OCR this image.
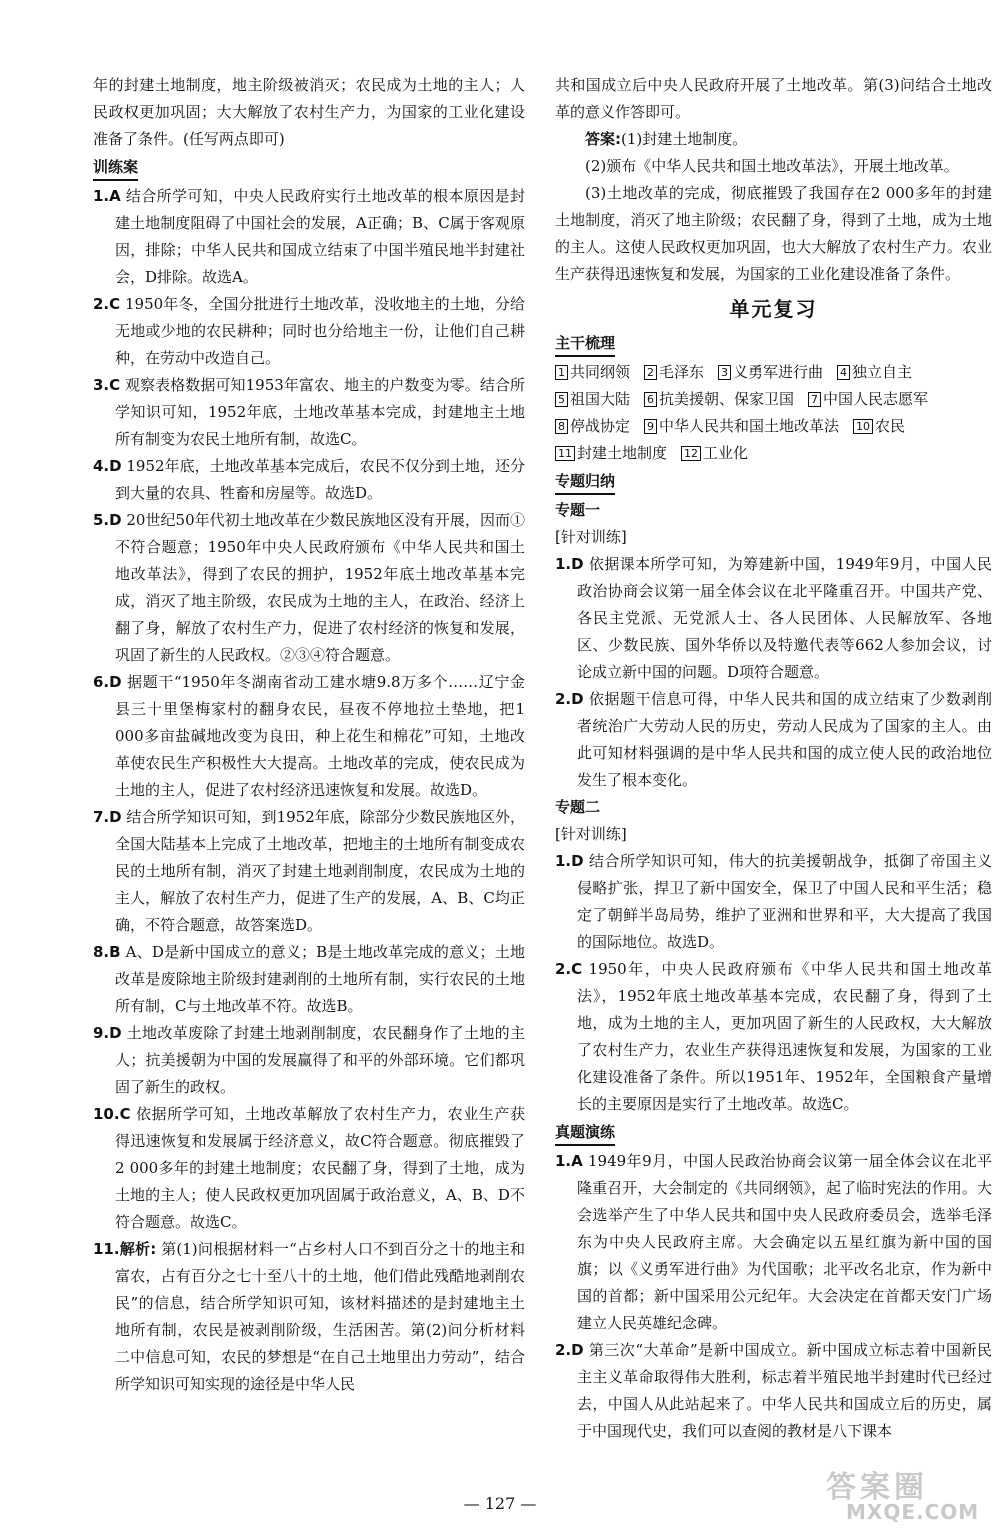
年的封建土地制度，地主阶级被消灭；农民成为土地的主人；人民政权更加巩固；大大解放了农村生产力，为国家的工业化建设准备了条件。(任写两点即可)

训练案

1.A 结合所学可知，中央人民政府实行土地改革的根本原因是封建土地制度阻碍了中国社会的发展，A正确；B、C属于客观原因，排除；中华人民共和国成立结束了中国半殖民地半封建社会，D排除。故选A。

2.C 1950年冬，全国分批进行土地改革，没收地主的土地，分给无地或少地的农民耕种；同时也分给地主一份，让他们自己耕种，在劳动中改造自己。

3.C 观察表格数据可知1953年富农、地主的户数变为零。结合所学知识可知，1952年底，土地改革基本完成，封建地主土地所有制变为农民土地所有制，故选C。

4.D 1952年底，土地改革基本完成后，农民不仅分到土地，还分到大量的农具、牲畜和房屋等。故选D。

5.D 20世纪50年代初土地改革在少数民族地区没有开展，因而①不符合题意；1950年中央人民政府颁布《中华人民共和国土地改革法》，得到了农民的拥护，1952年底土地改革基本完成，消灭了地主阶级，农民成为土地的主人，在政治、经济上翻了身，解放了农村生产力，促进了农村经济的恢复和发展，巩固了新生的人民政权。②③④符合题意。

6.D 据题干“1950年冬湖南省动工建水塘9.8万多个……辽宁金县三十里堡梅家村的翻身农民，昼夜不停地拉土垫地，把1 000多亩盐碱地改变为良田，种上花生和棉花”可知，土地改革使农民生产积极性大大提高。土地改革的完成，使农民成为土地的主人，促进了农村经济迅速恢复和发展。故选D。

7.D 结合所学知识可知，到1952年底，除部分少数民族地区外，全国大陆基本上完成了土地改革，把地主的土地所有制变成农民的土地所有制，消灭了封建土地剥削制度，农民成为土地的主人，解放了农村生产力，促进了生产的发展，A、B、C均正确，不符合题意，故答案选D。

8.B A、D是新中国成立的意义；B是土地改革完成的意义；土地改革是废除地主阶级封建剥削的土地所有制，实行农民的土地所有制，C与土地改革不符。故选B。

9.D 土地改革废除了封建土地剥削制度，农民翻身作了土地的主人；抗美援朝为中国的发展赢得了和平的外部环境。它们都巩固了新生的政权。

10.C 依据所学可知，土地改革解放了农村生产力，农业生产获得迅速恢复和发展属于经济意义，故C符合题意。彻底摧毁了2 000多年的封建土地制度；农民翻了身，得到了土地，成为土地的主人；使人民政权更加巩固属于政治意义，A、B、D不符合题意。故选C。

11.解析: 第(1)问根据材料一“占乡村人口不到百分之十的地主和富农，占有百分之七十至八十的土地，他们借此残酷地剥削农民”的信息，结合所学知识可知，该材料描述的是封建地主土地所有制，农民是被剥削阶级，生活困苦。第(2)问分析材料二中信息可知，农民的梦想是“在自己土地里出力劳动”，结合所学知识可知实现的途径是中华人民

共和国成立后中央人民政府开展了土地改革。第(3)问结合土地改革的意义作答即可。

答案:(1)封建土地制度。

(2)颁布《中华人民共和国土地改革法》，开展土地改革。

(3)土地改革的完成，彻底摧毁了我国存在2 000多年的封建土地制度，消灭了地主阶级；农民翻了身，得到了土地，成为土地的主人。这使人民政权更加巩固，也大大解放了农村生产力。农业生产获得迅速恢复和发展，为国家的工业化建设准备了条件。

单元复习
主干梳理
1 共同纲领 2 毛泽东 3 义勇军进行曲 4 独立自主
5 祖国大陆 6 抗美援朝、保家卫国 7 中国人民志愿军
8 停战协定 9 中华人民共和国土地改革法 10 农民
11 封建土地制度 12 工业化
专题归纳
专题一
[针对训练]

1.D 依据课本所学可知，为筹建新中国，1949年9月，中国人民政治协商会议第一届全体会议在北平隆重召开。中国共产党、各民主党派、无党派人士、各人民团体、人民解放军、各地区、少数民族、国外华侨以及特邀代表等662人参加会议，讨论成立新中国的问题。D项符合题意。

2.D 依据题干信息可得，中华人民共和国的成立结束了少数剥削者统治广大劳动人民的历史，劳动人民成为了国家的主人。由此可知材料强调的是中华人民共和国的成立使人民的政治地位发生了根本变化。

专题二
[针对训练]

1.D 结合所学知识可知，伟大的抗美援朝战争，抵御了帝国主义侵略扩张，捍卫了新中国安全，保卫了中国人民和平生活；稳定了朝鲜半岛局势，维护了亚洲和世界和平，大大提高了我国的国际地位。故选D。

2.C 1950年，中央人民政府颁布《中华人民共和国土地改革法》，1952年底土地改革基本完成，农民翻了身，得到了土地，成为土地的主人，更加巩固了新生的人民政权，大大解放了农村生产力，农业生产获得迅速恢复和发展，为国家的工业化建设准备了条件。所以1951年、1952年，全国粮食产量增长的主要原因是实行了土地改革。故选C。

真题演练

1.A 1949年9月，中国人民政治协商会议第一届全体会议在北平隆重召开，大会制定的《共同纲领》，起了临时宪法的作用。大会选举产生了中华人民共和国中央人民政府委员会，选举毛泽东为中央人民政府主席。大会确定以五星红旗为新中国的国旗；以《义勇军进行曲》为代国歌；北平改名北京，作为新中国的首都；新中国采用公元纪年。大会决定在首都天安门广场建立人民英雄纪念碑。

2.D 第三次“大革命”是新中国成立。新中国成立标志着中国新民主主义革命取得伟大胜利，标志着半殖民地半封建时代已经过去，中国人从此站起来了。中华人民共和国成立后的历史，属于中国现代史，我们可以查阅的教材是八下课本

— 127 —	答案圈
MXQE.COM
